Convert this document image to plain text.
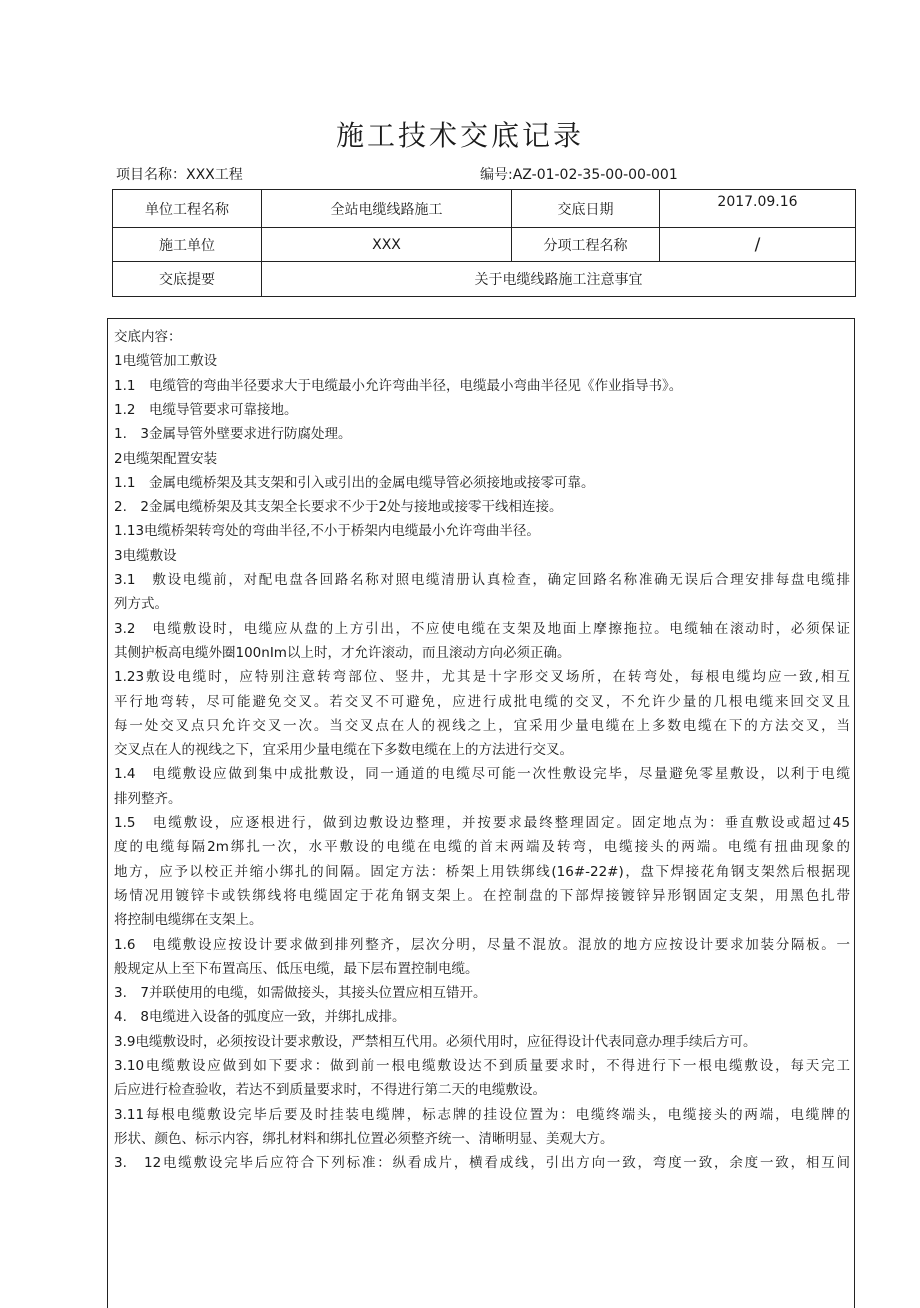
施工技术交底记录
项目名称：XXX工程	编号:AZ-01-02-35-00-00-001
单位工程名称	全站电缆线路施工	交底日期	2017.09.16
施工单位	XXX	分项工程名称	/
交底提要	关于电缆线路施工注意事宜		
交底内容：
1电缆管加工敷设
1.1　电缆管的弯曲半径要求大于电缆最小允许弯曲半径，电缆最小弯曲半径见《作业指导书》。
1.2　电缆导管要求可靠接地。
1.　3金属导管外壁要求进行防腐处理。
2电缆架配置安装
1.1　金属电缆桥架及其支架和引入或引出的金属电缆导管必须接地或接零可靠。
2.　2金属电缆桥架及其支架全长要求不少于2处与接地或接零干线相连接。
1.13电缆桥架转弯处的弯曲半径,不小于桥架内电缆最小允许弯曲半径。
3电缆敷设
3.1　敷设电缆前，对配电盘各回路名称对照电缆清册认真检查，确定回路名称准确无误后合理安排每盘电缆排
列方式。
3.2　电缆敷设时，电缆应从盘的上方引出，不应使电缆在支架及地面上摩擦拖拉。电缆轴在滚动时，必须保证
其侧护板高电缆外圈100nIm以上时，才允许滚动，而且滚动方向必须正确。
1.23敷设电缆时，应特别注意转弯部位、竖井，尤其是十字形交叉场所，在转弯处，每根电缆均应一致,相互
平行地弯转，尽可能避免交叉。若交叉不可避免，应进行成批电缆的交叉，不允许少量的几根电缆来回交叉且
每一处交叉点只允许交叉一次。当交叉点在人的视线之上，宜采用少量电缆在上多数电缆在下的方法交叉，当
交叉点在人的视线之下，宜采用少量电缆在下多数电缆在上的方法进行交叉。
1.4　电缆敷设应做到集中成批敷设，同一通道的电缆尽可能一次性敷设完毕，尽量避免零星敷设，以利于电缆
排列整齐。
1.5　电缆敷设，应逐根进行，做到边敷设边整理，并按要求最终整理固定。固定地点为：垂直敷设或超过45
度的电缆每隔2m绑扎一次，水平敷设的电缆在电缆的首末两端及转弯，电缆接头的两端。电缆有扭曲现象的
地方，应予以校正并缩小绑扎的间隔。固定方法：桥架上用铁绑线(16#-22#)，盘下焊接花角钢支架然后根据现
场情况用镀锌卡或铁绑线将电缆固定于花角钢支架上。在控制盘的下部焊接镀锌异形钢固定支架，用黑色扎带
将控制电缆绑在支架上。
1.6　电缆敷设应按设计要求做到排列整齐，层次分明，尽量不混放。混放的地方应按设计要求加装分隔板。一
般规定从上至下布置高压、低压电缆，最下层布置控制电缆。
3.　7并联使用的电缆，如需做接头，其接头位置应相互错开。
4.　8电缆进入设备的弧度应一致，并绑扎成排。
3.9电缆敷设时，必须按设计要求敷设，严禁相互代用。必须代用时，应征得设计代表同意办理手续后方可。
3.10电缆敷设应做到如下要求：做到前一根电缆敷设达不到质量要求时，不得进行下一根电缆敷设，每天完工
后应进行检查验收，若达不到质量要求时，不得进行第二天的电缆敷设。
3.11每根电缆敷设完毕后要及时挂装电缆牌，标志牌的挂设位置为：电缆终端头，电缆接头的两端，电缆牌的
形状、颜色、标示内容，绑扎材料和绑扎位置必须整齐统一、清晰明显、美观大方。
3.　12电缆敷设完毕后应符合下列标准：纵看成片，横看成线，引出方向一致，弯度一致，余度一致，相互间
